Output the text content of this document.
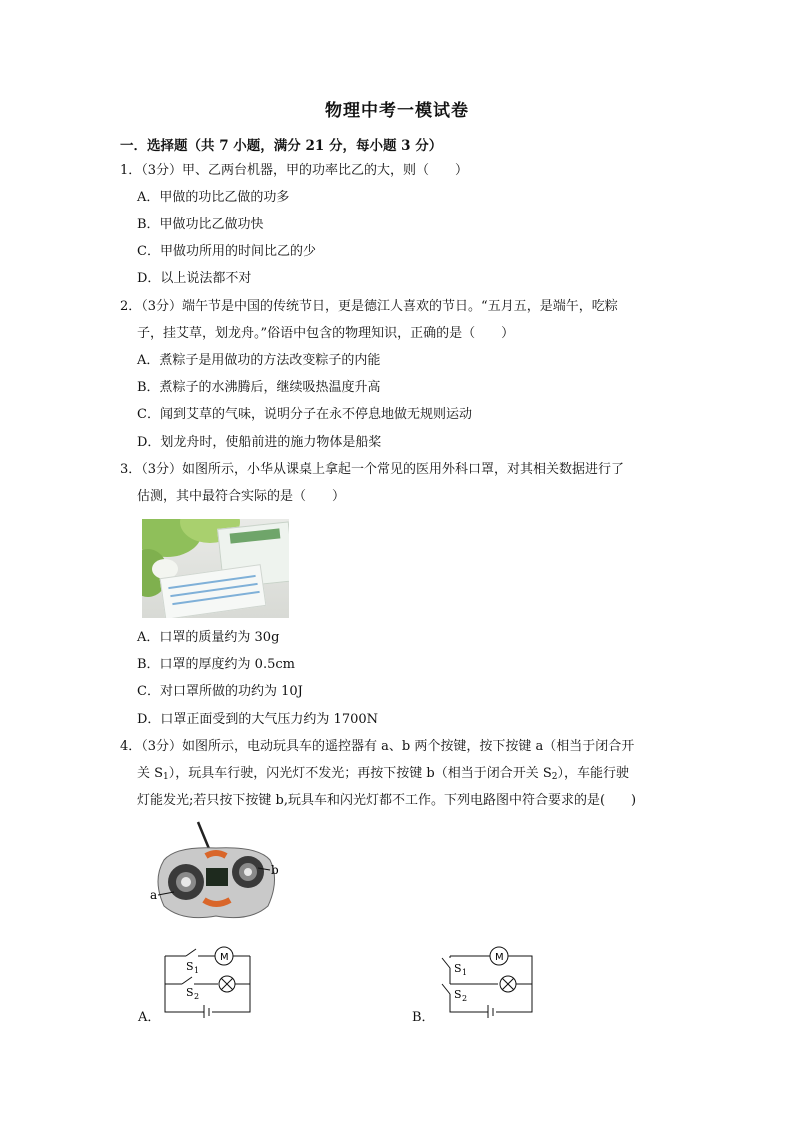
物理中考一模试卷
一．选择题（共 7 小题，满分 21 分，每小题 3 分）
1．（3分）甲、乙两台机器，甲的功率比乙的大，则（　　）
A．甲做的功比乙做的功多
B．甲做功比乙做功快
C．甲做功所用的时间比乙的少
D．以上说法都不对
2．（3分）端午节是中国的传统节日，更是德江人喜欢的节日。“五月五，是端午，吃粽
子，挂艾草，划龙舟。”俗语中包含的物理知识，正确的是（　　）
A．煮粽子是用做功的方法改变粽子的内能
B．煮粽子的水沸腾后，继续吸热温度升高
C．闻到艾草的气味，说明分子在永不停息地做无规则运动
D．划龙舟时，使船前进的施力物体是船桨
3．（3分）如图所示，小华从课桌上拿起一个常见的医用外科口罩，对其相关数据进行了
估测，其中最符合实际的是（　　）
A．口罩的质量约为 30g
B．口罩的厚度约为 0.5cm
C．对口罩所做的功约为 10J
D．口罩正面受到的大气压力约为 1700N
4．（3分）如图所示，电动玩具车的遥控器有 a、b 两个按键，按下按键 a（相当于闭合开
关 $S_1$），玩具车行驶，闪光灯不发光；再按下按键 b（相当于闭合开关 $S_2$），车能行驶
灯能发光;若只按下按键 b,玩具车和闪光灯都不工作。下列电路图中符合要求的是(　　)
a
b
M
S 1
S 2
A．
M
S 1
S 2
B．
